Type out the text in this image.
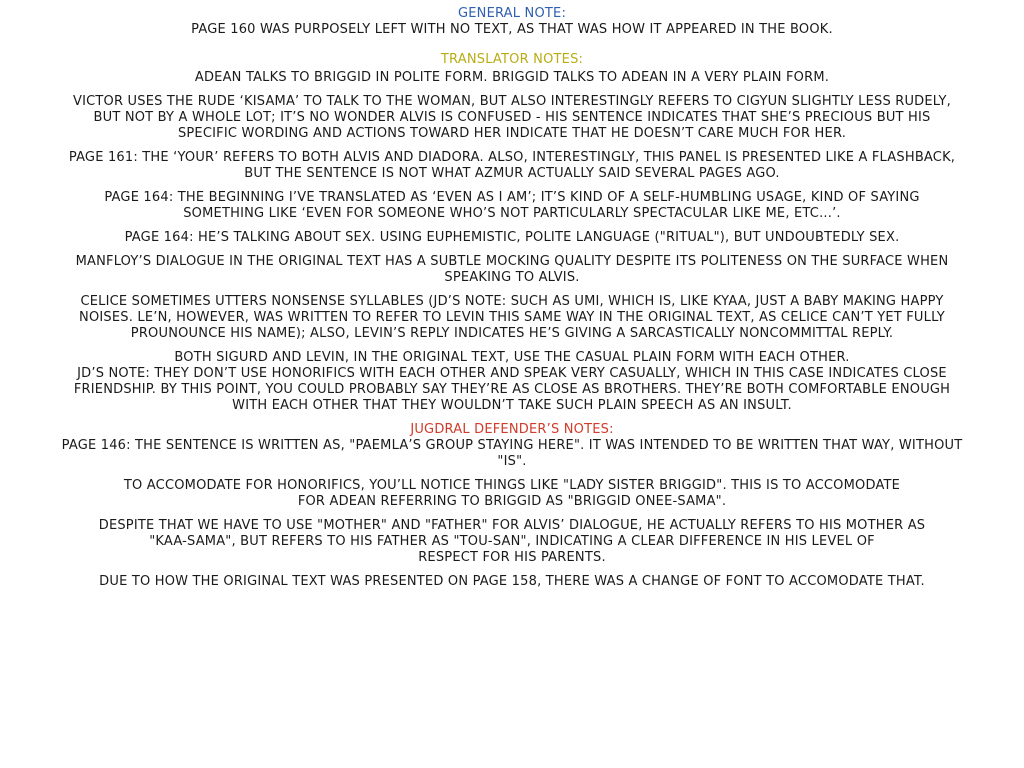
GENERAL NOTE:

PAGE 160 WAS PURPOSELY LEFT WITH NO TEXT, AS THAT WAS HOW IT APPEARED IN THE BOOK.

TRANSLATOR NOTES:

ADEAN TALKS TO BRIGGID IN POLITE FORM. BRIGGID TALKS TO ADEAN IN A VERY PLAIN FORM.

VICTOR USES THE RUDE ‘KISAMA’ TO TALK TO THE WOMAN, BUT ALSO INTERESTINGLY REFERS TO CIGYUN SLIGHTLY LESS RUDELY,
BUT NOT BY A WHOLE LOT; IT’S NO WONDER ALVIS IS CONFUSED - HIS SENTENCE INDICATES THAT SHE’S PRECIOUS BUT HIS
SPECIFIC WORDING AND ACTIONS TOWARD HER INDICATE THAT HE DOESN’T CARE MUCH FOR HER.

PAGE 161: THE ‘YOUR’ REFERS TO BOTH ALVIS AND DIADORA. ALSO, INTERESTINGLY, THIS PANEL IS PRESENTED LIKE A FLASHBACK,
BUT THE SENTENCE IS NOT WHAT AZMUR ACTUALLY SAID SEVERAL PAGES AGO.

PAGE 164: THE BEGINNING I’VE TRANSLATED AS ‘EVEN AS I AM’; IT’S KIND OF A SELF-HUMBLING USAGE, KIND OF SAYING
SOMETHING LIKE ‘EVEN FOR SOMEONE WHO’S NOT PARTICULARLY SPECTACULAR LIKE ME, ETC...’.

PAGE 164: HE’S TALKING ABOUT SEX. USING EUPHEMISTIC, POLITE LANGUAGE ("RITUAL"), BUT UNDOUBTEDLY SEX.

MANFLOY’S DIALOGUE IN THE ORIGINAL TEXT HAS A SUBTLE MOCKING QUALITY DESPITE ITS POLITENESS ON THE SURFACE WHEN
SPEAKING TO ALVIS.

CELICE SOMETIMES UTTERS NONSENSE SYLLABLES (JD’S NOTE: SUCH AS UMI, WHICH IS, LIKE KYAA, JUST A BABY MAKING HAPPY
NOISES. LE’N, HOWEVER, WAS WRITTEN TO REFER TO LEVIN THIS SAME WAY IN THE ORIGINAL TEXT, AS CELICE CAN’T YET FULLY
PROUNOUNCE HIS NAME); ALSO, LEVIN’S REPLY INDICATES HE’S GIVING A SARCASTICALLY NONCOMMITTAL REPLY.

BOTH SIGURD AND LEVIN, IN THE ORIGINAL TEXT, USE THE CASUAL PLAIN FORM WITH EACH OTHER.

JD’S NOTE: THEY DON’T USE HONORIFICS WITH EACH OTHER AND SPEAK VERY CASUALLY, WHICH IN THIS CASE INDICATES CLOSE
FRIENDSHIP. BY THIS POINT, YOU COULD PROBABLY SAY THEY’RE AS CLOSE AS BROTHERS. THEY’RE BOTH COMFORTABLE ENOUGH
WITH EACH OTHER THAT THEY WOULDN’T TAKE SUCH PLAIN SPEECH AS AN INSULT.

JUGDRAL DEFENDER’S NOTES:

PAGE 146: THE SENTENCE IS WRITTEN AS, "PAEMLA’S GROUP STAYING HERE". IT WAS INTENDED TO BE WRITTEN THAT WAY, WITHOUT
"IS".

TO ACCOMODATE FOR HONORIFICS, YOU’LL NOTICE THINGS LIKE "LADY SISTER BRIGGID". THIS IS TO ACCOMODATE
FOR ADEAN REFERRING TO BRIGGID AS "BRIGGID ONEE-SAMA".

DESPITE THAT WE HAVE TO USE "MOTHER" AND "FATHER" FOR ALVIS’ DIALOGUE, HE ACTUALLY REFERS TO HIS MOTHER AS
"KAA-SAMA", BUT REFERS TO HIS FATHER AS "TOU-SAN", INDICATING A CLEAR DIFFERENCE IN HIS LEVEL OF
RESPECT FOR HIS PARENTS.

DUE TO HOW THE ORIGINAL TEXT WAS PRESENTED ON PAGE 158, THERE WAS A CHANGE OF FONT TO ACCOMODATE THAT.
